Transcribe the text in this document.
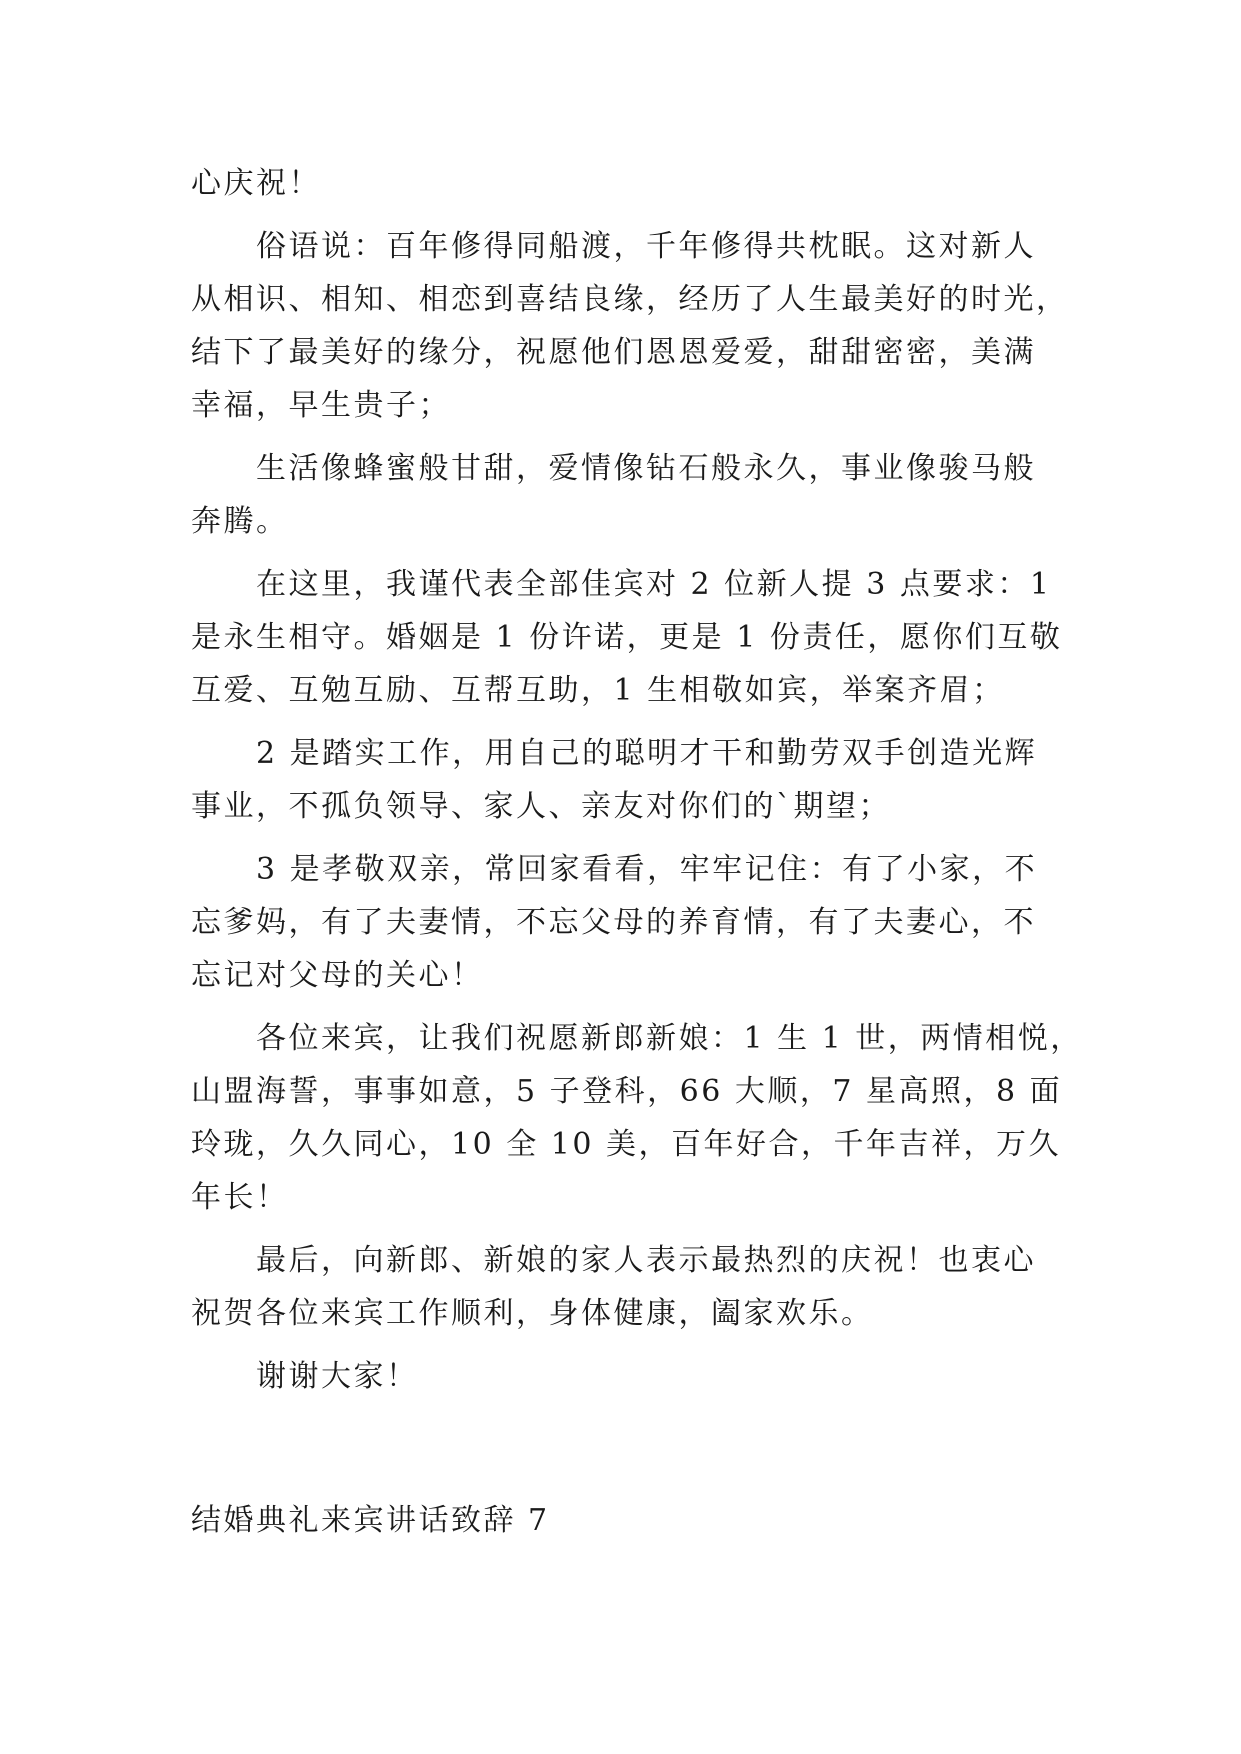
心庆祝！
俗语说：百年修得同船渡，千年修得共枕眠。这对新人
从相识、相知、相恋到喜结良缘，经历了人生最美好的时光，
结下了最美好的缘分，祝愿他们恩恩爱爱，甜甜密密，美满
幸福，早生贵子；
生活像蜂蜜般甘甜，爱情像钻石般永久，事业像骏马般
奔腾。
在这里，我谨代表全部佳宾对 2 位新人提 3 点要求：1
是永生相守。婚姻是 1 份许诺，更是 1 份责任，愿你们互敬
互爱、互勉互励、互帮互助，1 生相敬如宾，举案齐眉；
2 是踏实工作，用自己的聪明才干和勤劳双手创造光辉
事业，不孤负领导、家人、亲友对你们的`期望；
3 是孝敬双亲，常回家看看，牢牢记住：有了小家，不
忘爹妈，有了夫妻情，不忘父母的养育情，有了夫妻心，不
忘记对父母的关心！
各位来宾，让我们祝愿新郎新娘：1 生 1 世，两情相悦，
山盟海誓，事事如意，5 子登科，66 大顺，7 星高照，8 面
玲珑，久久同心，10 全 10 美，百年好合，千年吉祥，万久
年长！
最后，向新郎、新娘的家人表示最热烈的庆祝！也衷心
祝贺各位来宾工作顺利，身体健康，阖家欢乐。
谢谢大家！
结婚典礼来宾讲话致辞 7
